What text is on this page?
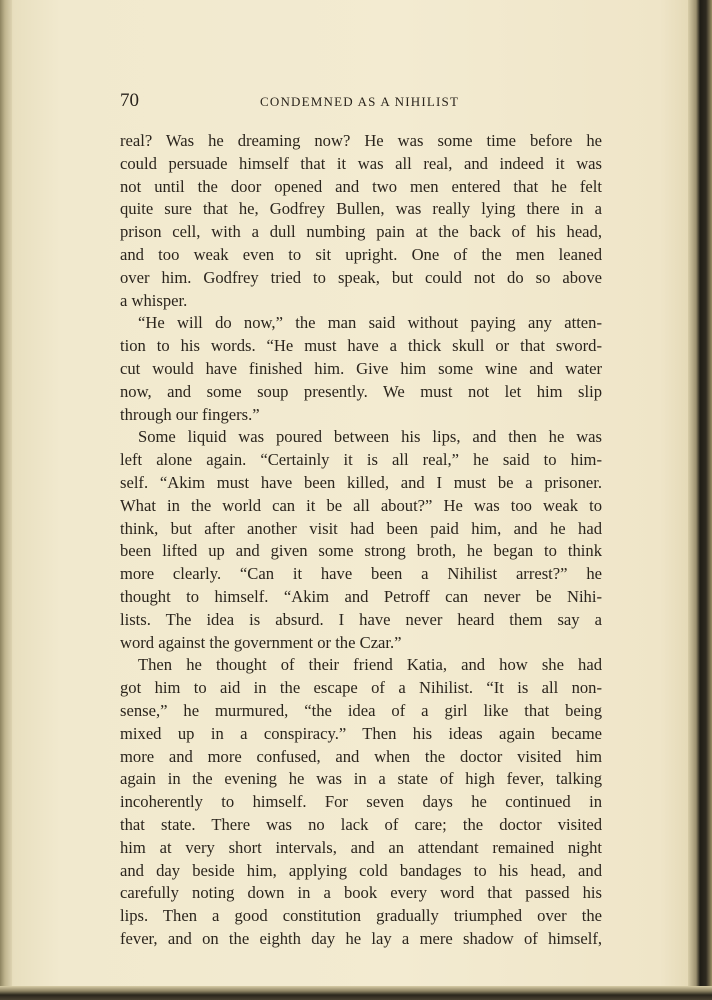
70	CONDEMNED AS A NIHILIST
real? Was he dreaming now? He was some time before he
could persuade himself that it was all real, and indeed it was
not until the door opened and two men entered that he felt
quite sure that he, Godfrey Bullen, was really lying there in a
prison cell, with a dull numbing pain at the back of his head,
and too weak even to sit upright. One of the men leaned
over him. Godfrey tried to speak, but could not do so above
a whisper.
“He will do now,” the man said without paying any atten-
tion to his words. “He must have a thick skull or that sword-
cut would have finished him. Give him some wine and water
now, and some soup presently. We must not let him slip
through our fingers.”
Some liquid was poured between his lips, and then he was
left alone again. “Certainly it is all real,” he said to him-
self. “Akim must have been killed, and I must be a prisoner.
What in the world can it be all about?” He was too weak to
think, but after another visit had been paid him, and he had
been lifted up and given some strong broth, he began to think
more clearly. “Can it have been a Nihilist arrest?” he
thought to himself. “Akim and Petroff can never be Nihi-
lists. The idea is absurd. I have never heard them say a
word against the government or the Czar.”
Then he thought of their friend Katia, and how she had
got him to aid in the escape of a Nihilist. “It is all non-
sense,” he murmured, “the idea of a girl like that being
mixed up in a conspiracy.” Then his ideas again became
more and more confused, and when the doctor visited him
again in the evening he was in a state of high fever, talking
incoherently to himself. For seven days he continued in
that state. There was no lack of care; the doctor visited
him at very short intervals, and an attendant remained night
and day beside him, applying cold bandages to his head, and
carefully noting down in a book every word that passed his
lips. Then a good constitution gradually triumphed over the
fever, and on the eighth day he lay a mere shadow of himself,
